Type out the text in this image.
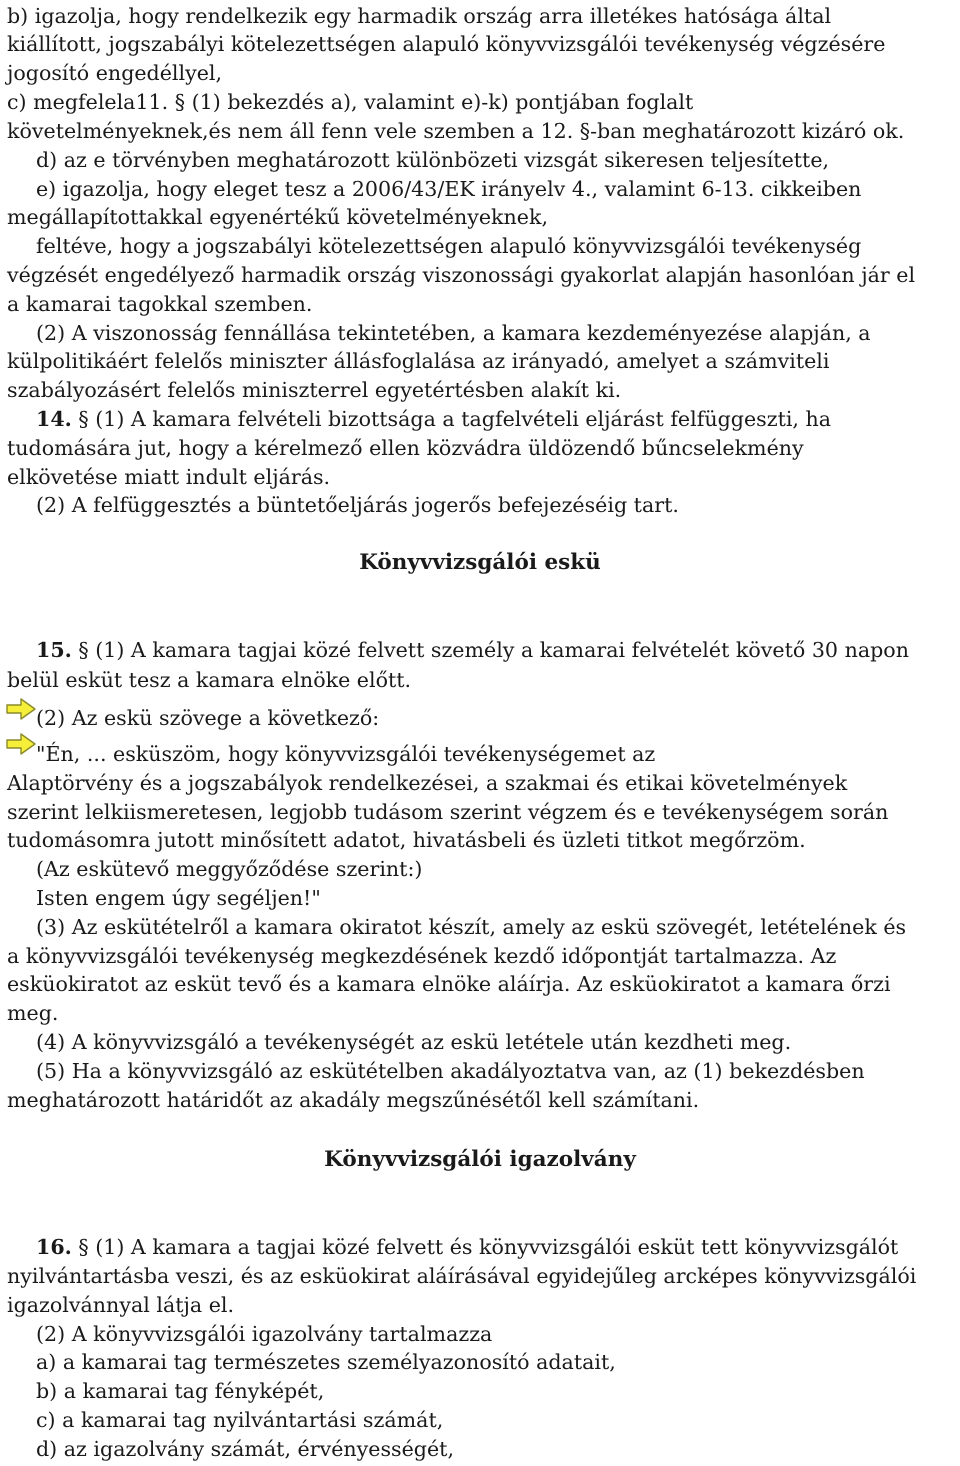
b) igazolja, hogy rendelkezik egy harmadik ország arra illetékes hatósága által
kiállított, jogszabályi kötelezettségen alapuló könyvvizsgálói tevékenység végzésére
jogosító engedéllyel,
c) megfelela11. § (1) bekezdés a), valamint e)-k) pontjában foglalt
követelményeknek,és nem áll fenn vele szemben a 12. §-ban meghatározott kizáró ok.
d) az e törvényben meghatározott különbözeti vizsgát sikeresen teljesítette,
e) igazolja, hogy eleget tesz a 2006/43/EK irányelv 4., valamint 6-13. cikkeiben
megállapítottakkal egyenértékű követelményeknek,
feltéve, hogy a jogszabályi kötelezettségen alapuló könyvvizsgálói tevékenység
végzését engedélyező harmadik ország viszonossági gyakorlat alapján hasonlóan jár el
a kamarai tagokkal szemben.
(2) A viszonosság fennállása tekintetében, a kamara kezdeményezése alapján, a
külpolitikáért felelős miniszter állásfoglalása az irányadó, amelyet a számviteli
szabályozásért felelős miniszterrel egyetértésben alakít ki.
14. § (1) A kamara felvételi bizottsága a tagfelvételi eljárást felfüggeszti, ha
tudomására jut, hogy a kérelmező ellen közvádra üldözendő bűncselekmény
elkövetése miatt indult eljárás.
(2) A felfüggesztés a büntetőeljárás jogerős befejezéséig tart.
Könyvvizsgálói eskü
15. § (1) A kamara tagjai közé felvett személy a kamarai felvételét követő 30 napon
belül esküt tesz a kamara elnöke előtt.
(2) Az eskü szövege a következő:
"Én, ... esküszöm, hogy könyvvizsgálói tevékenységemet az
Alaptörvény és a jogszabályok rendelkezései, a szakmai és etikai követelmények
szerint lelkiismeretesen, legjobb tudásom szerint végzem és e tevékenységem során
tudomásomra jutott minősített adatot, hivatásbeli és üzleti titkot megőrzöm.
(Az eskütevő meggyőződése szerint:)
Isten engem úgy segéljen!"
(3) Az eskütételről a kamara okiratot készít, amely az eskü szövegét, letételének és
a könyvvizsgálói tevékenység megkezdésének kezdő időpontját tartalmazza. Az
esküokiratot az esküt tevő és a kamara elnöke aláírja. Az esküokiratot a kamara őrzi
meg.
(4) A könyvvizsgáló a tevékenységét az eskü letétele után kezdheti meg.
(5) Ha a könyvvizsgáló az eskütételben akadályoztatva van, az (1) bekezdésben
meghatározott határidőt az akadály megszűnésétől kell számítani.
Könyvvizsgálói igazolvány
16. § (1) A kamara a tagjai közé felvett és könyvvizsgálói esküt tett könyvvizsgálót
nyilvántartásba veszi, és az esküokirat aláírásával egyidejűleg arcképes könyvvizsgálói
igazolvánnyal látja el.
(2) A könyvvizsgálói igazolvány tartalmazza
a) a kamarai tag természetes személyazonosító adatait,
b) a kamarai tag fényképét,
c) a kamarai tag nyilvántartási számát,
d) az igazolvány számát, érvényességét,
